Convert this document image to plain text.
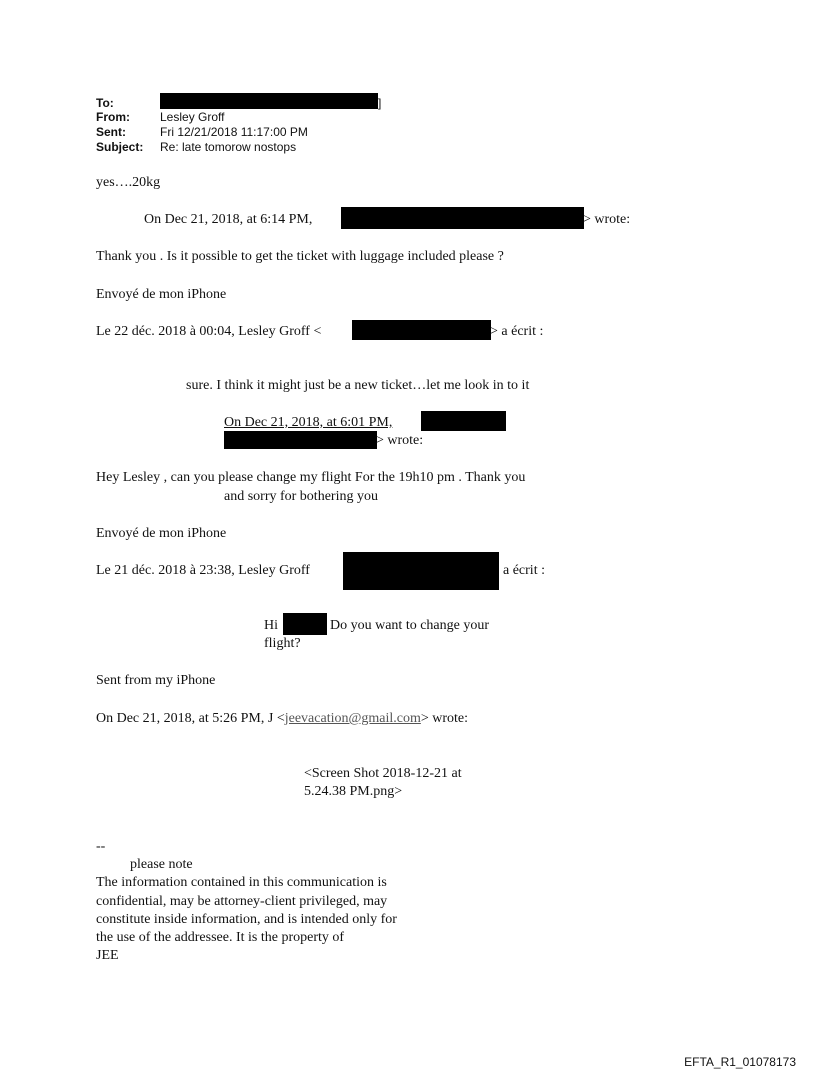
To:	]
From:	Lesley Groff
Sent:	Fri 12/21/2018 11:17:00 PM
Subject: Re: late tomorow nostops
yes….20kg
On Dec 21, 2018, at 6:14 PM,	> wrote:
Thank you . Is it possible to get the ticket with luggage included please ?
Envoyé de mon iPhone
Le 22 déc. 2018 à 00:04, Lesley Groff <	> a écrit :
sure. I think it might just be a new ticket…let me look in to it
On Dec 21, 2018, at 6:01 PM,
> wrote:
Hey Lesley , can you please change my flight For the 19h10 pm . Thank you
and sorry for bothering you
Envoyé de mon iPhone
Le 21 déc. 2018 à 23:38, Lesley Groff	a écrit :
Hi	Do you want to change your
flight?
Sent from my iPhone
On Dec 21, 2018, at 5:26 PM, J <jeevacation@gmail.com> wrote:
<Screen Shot 2018-12-21 at
5.24.38 PM.png>
--
please note
The information contained in this communication is
confidential, may be attorney-client privileged, may
constitute inside information, and is intended only for
the use of the addressee. It is the property of
JEE
EFTA_R1_01078173
